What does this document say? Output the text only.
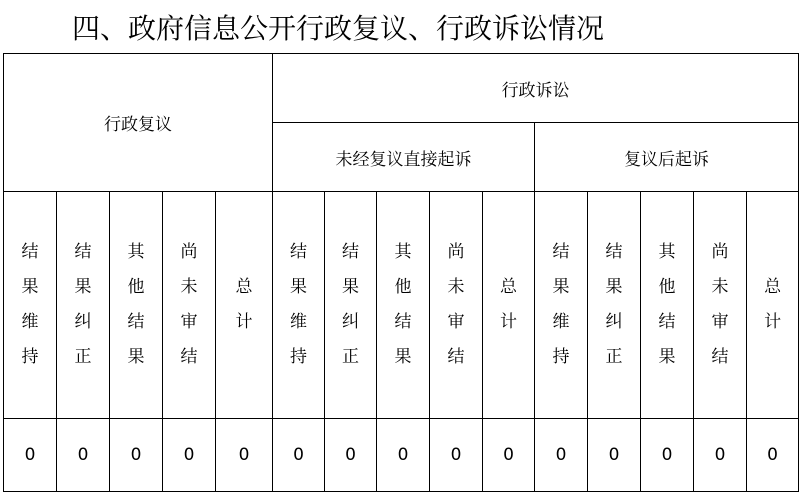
四、政府信息公开行政复议、行政诉讼情况
行政复议					行政诉讼									
					未经复议直接起诉					复议后起诉				
结果维持	结果纠正	其他结果	尚未审结	总计	结果维持	结果纠正	其他结果	尚未审结	总计	结果维持	结果纠正	其他结果	尚未审结	总计
0	0	0	0	0	0	0	0	0	0	0	0	0	0	0
